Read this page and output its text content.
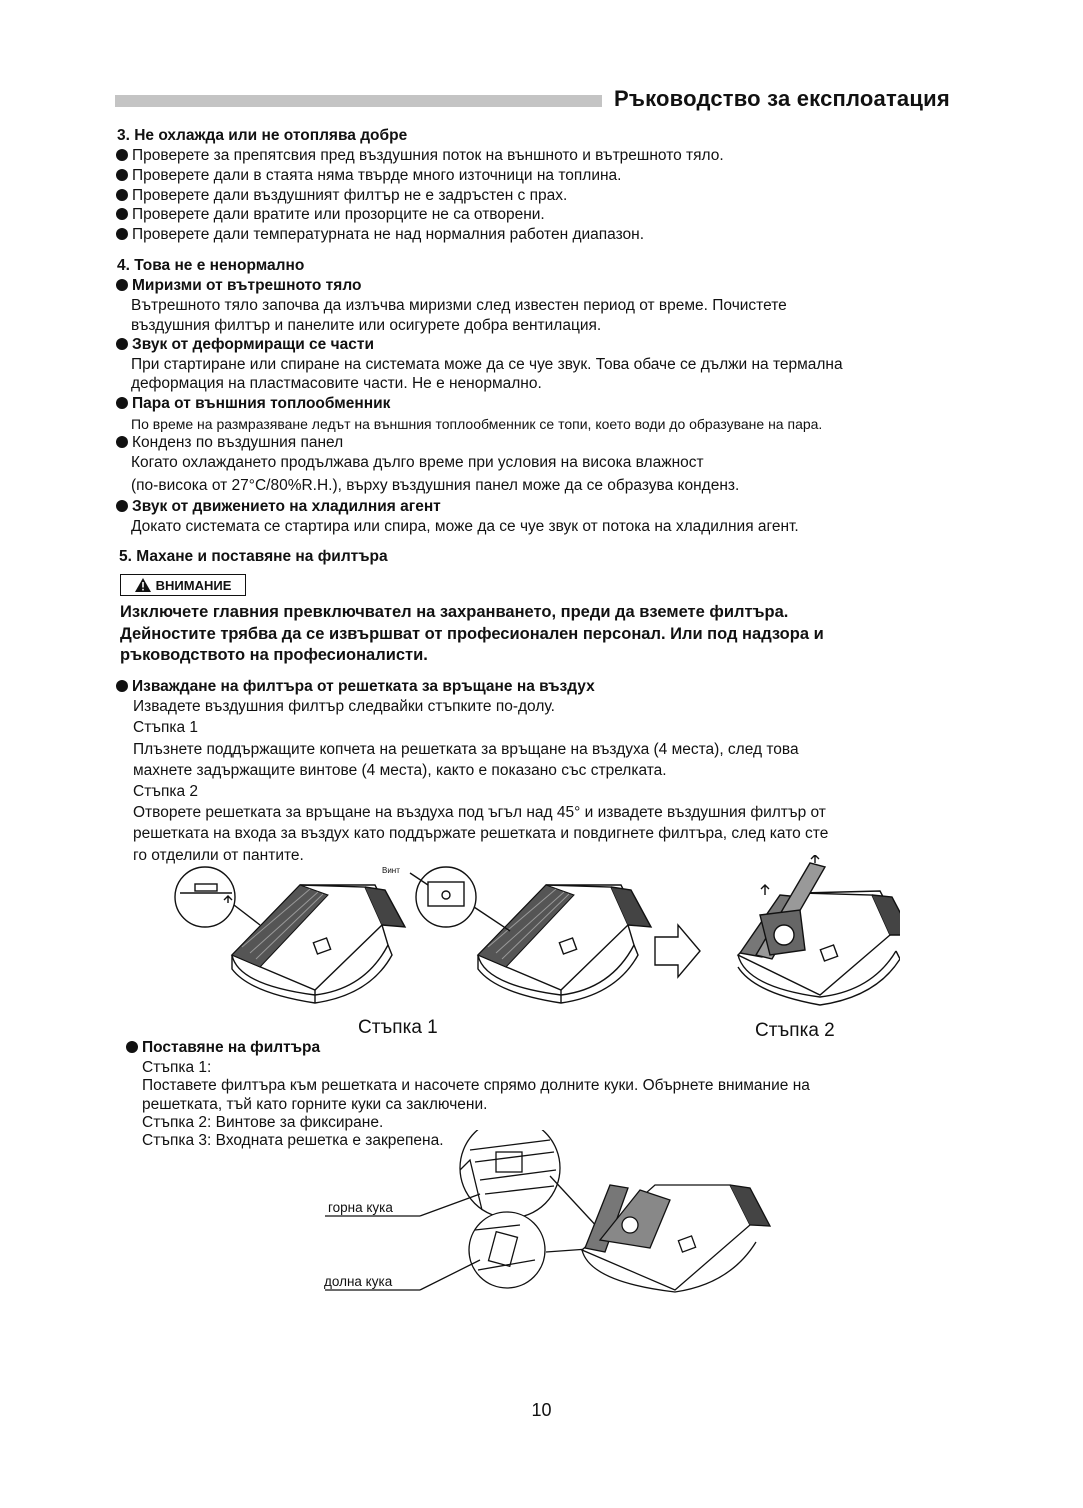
Ръководство за експлоатация
3. Не охлажда или не отоплява добре
Проверете за препятсвия пред въздушния поток на външното и вътрешното тяло.
Проверете дали в стаята няма твърде много източници на топлина.
Проверете дали въздушният филтър не е задръстен с прах.
Проверете дали вратите или прозорците не са отворени.
Проверете дали температурната не над нормалния работен диапазон.
4. Това не е ненормално
Миризми от вътрешното тяло
Вътрешното тяло започва да излъчва миризми след известен период от време. Почистете
въздушния филтър и панелите или осигурете добра вентилация.
Звук от деформиращи се части
При стартиране или спиране на системата може да се чуе звук. Това обаче се дължи на термална
деформация на пластмасовите части. Не е ненормално.
Пара от външния топлообменник
По време на размразяване ледът на външния топлообменник се топи, което води до образуване на пара.
Конденз по въздушния панел
Когато охлаждането продължава дълго време при условия на висока влажност
(по-висока от 27°C/80%R.H.), върху въздушния панел може да се образува конденз.
Звук от движението на хладилния агент
Докато системата се стартира или спира, може да се чуе звук от потока на хладилния агент.
5. Махане и поставяне на филтъра
ВНИМАНИЕ
Изключете главния превключвател на захранването, преди да вземете филтъра.
Дейностите трябва да се извършват от професионален персонал. Или под надзора и
ръководството на професионалисти.
Изваждане на филтъра от решетката за връщане на въздух
Извадете въздушния филтър следвайки стъпките по-долу.
Стъпка 1
Плъзнете поддържащите копчета на решетката за връщане на въздуха (4 места), след това
махнете задържащите винтове (4 места), както е показано със стрелката.
Стъпка 2
Отворете решетката за връщане на въздуха под ъгъл над 45° и извадете въздушния филтър от
решетката на входа за въздух като поддържате решетката и повдигнете филтъра, след като сте
го отделили от пантите.
Винт
Стъпка 1	Стъпка 2
Поставяне на филтъра
Стъпка 1:
Поставете филтъра към решетката и насочете спрямо долните куки. Обърнете внимание на
решетката, тъй като горните куки са заключени.
Стъпка 2: Винтове за фиксиране.
Стъпка 3: Входната решетка е закрепена.
горна кука
долна кука
10
